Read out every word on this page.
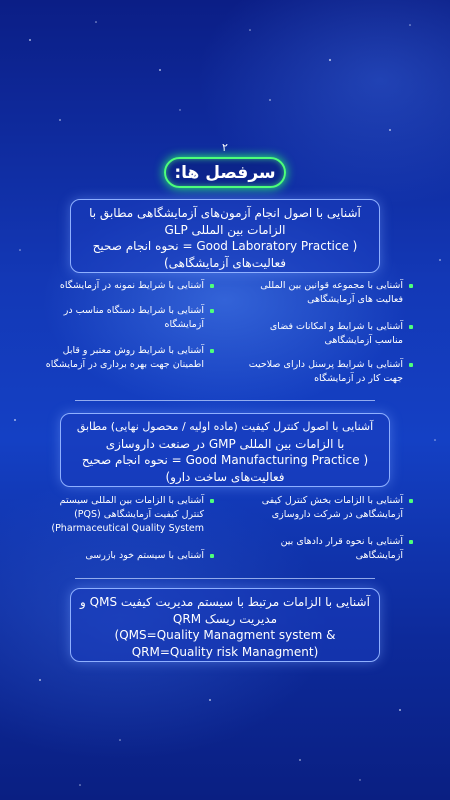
۲
سرفصل ها:
آشنایی با اصول انجام آزمون‌های آزمایشگاهی مطابق با
الزامات بین المللی GLP
( Good Laboratory Practice = نحوه انجام صحیح
فعالیت‌های آزمایشگاهی)
آشنایی با مجموعه قوانین بین المللی
فعالیت های آزمایشگاهی
آشنایی با شرایط و امکانات فضای
مناسب آزمایشگاهی
آشنایی با شرایط پرسنل دارای صلاحیت
جهت کار در آزمایشگاه
آشنایی با شرایط نمونه در آزمایشگاه
آشنایی با شرایط دستگاه مناسب در
آزمایشگاه
آشنایی با شرایط روش معتبر و قابل
اطمینان جهت بهره برداری در آزمایشگاه
آشنایی با اصول کنترل کیفیت (ماده اولیه / محصول نهایی) مطابق
با الزامات بین المللی GMP در صنعت داروسازی
( Good Manufacturing Practice = نحوه انجام صحیح
فعالیت‌های ساخت دارو)
آشنایی با الزامات بخش کنترل کیفی
آزمایشگاهی در شرکت داروسازی
آشنایی با نحوه قرار دادهای بین
آزمایشگاهی
آشنایی با الزامات بین المللی سیستم
کنترل کیفیت آزمایشگاهی (PQS)
(Pharmaceutical Quality System
آشنایی با سیستم خود بازرسی
آشنایی با الزامات مرتبط با سیستم مدیریت کیفیت QMS و
مدیریت ریسک QRM
(QMS=Quality Managment system &
QRM=Quality risk Managment)
